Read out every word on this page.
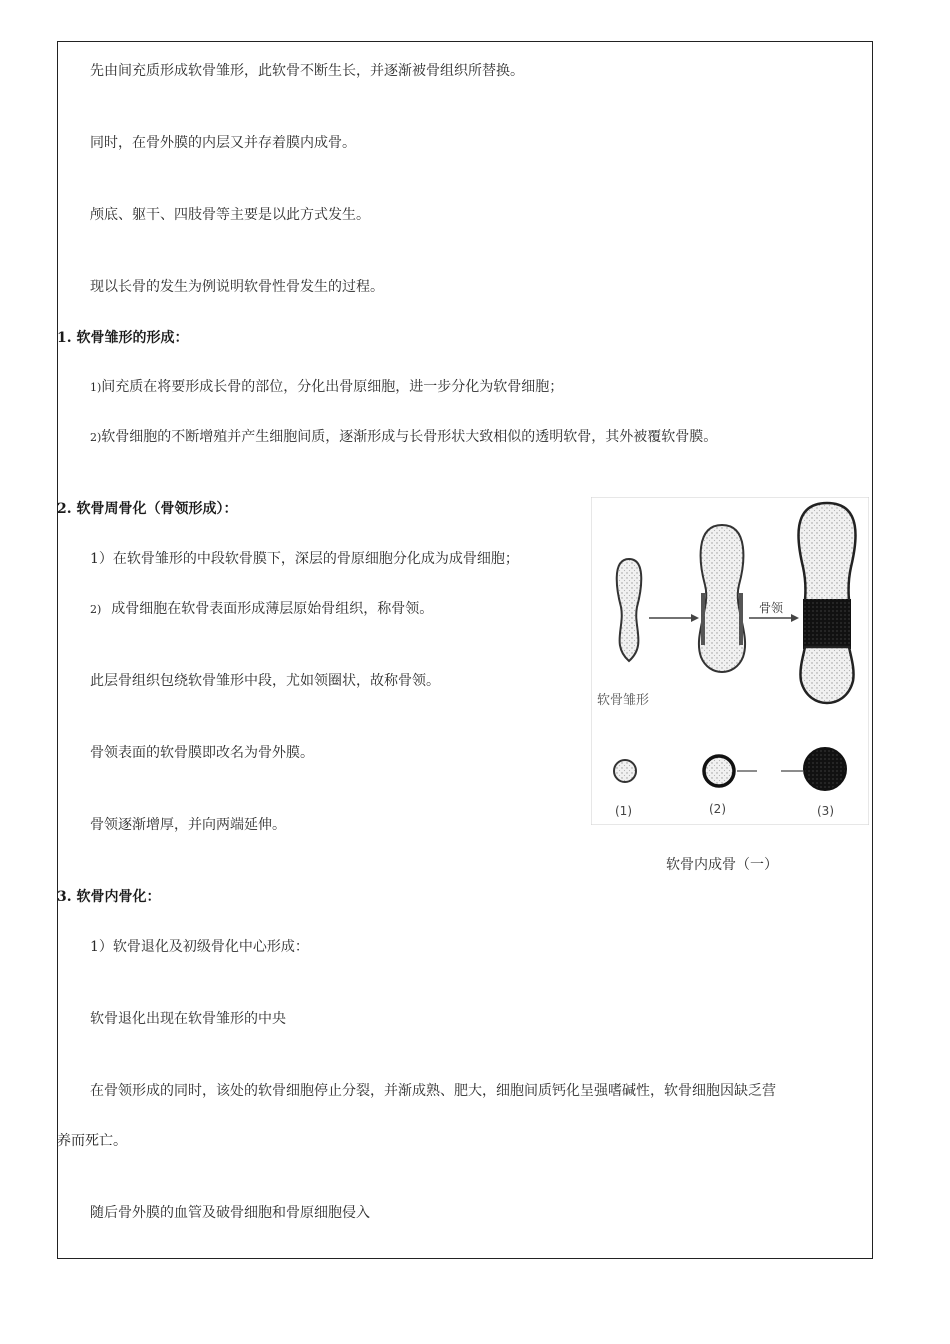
先由间充质形成软骨雏形，此软骨不断生长，并逐渐被骨组织所替换。
同时，在骨外膜的内层又并存着膜内成骨。
颅底、躯干、四肢骨等主要是以此方式发生。
现以长骨的发生为例说明软骨性骨发生的过程。
1. 软骨雏形的形成：
1)间充质在将要形成长骨的部位，分化出骨原细胞，进一步分化为软骨细胞；
2)软骨细胞的不断增殖并产生细胞间质，逐渐形成与长骨形状大致相似的透明软骨，其外被覆软骨膜。
2. 软骨周骨化（骨领形成）：
1）在软骨雏形的中段软骨膜下，深层的骨原细胞分化成为成骨细胞；
2) 成骨细胞在软骨表面形成薄层原始骨组织，称骨领。
此层骨组织包绕软骨雏形中段，尤如领圈状，故称骨领。
骨领表面的软骨膜即改名为骨外膜。
骨领逐渐增厚，并向两端延伸。
骨领
软骨雏形
(1)	(2)	(3)
软骨内成骨（一）
3. 软骨内骨化：
1）软骨退化及初级骨化中心形成：
软骨退化出现在软骨雏形的中央
在骨领形成的同时，该处的软骨细胞停止分裂，并渐成熟、肥大，细胞间质钙化呈强嗜碱性，软骨细胞因缺乏营
养而死亡。
随后骨外膜的血管及破骨细胞和骨原细胞侵入
